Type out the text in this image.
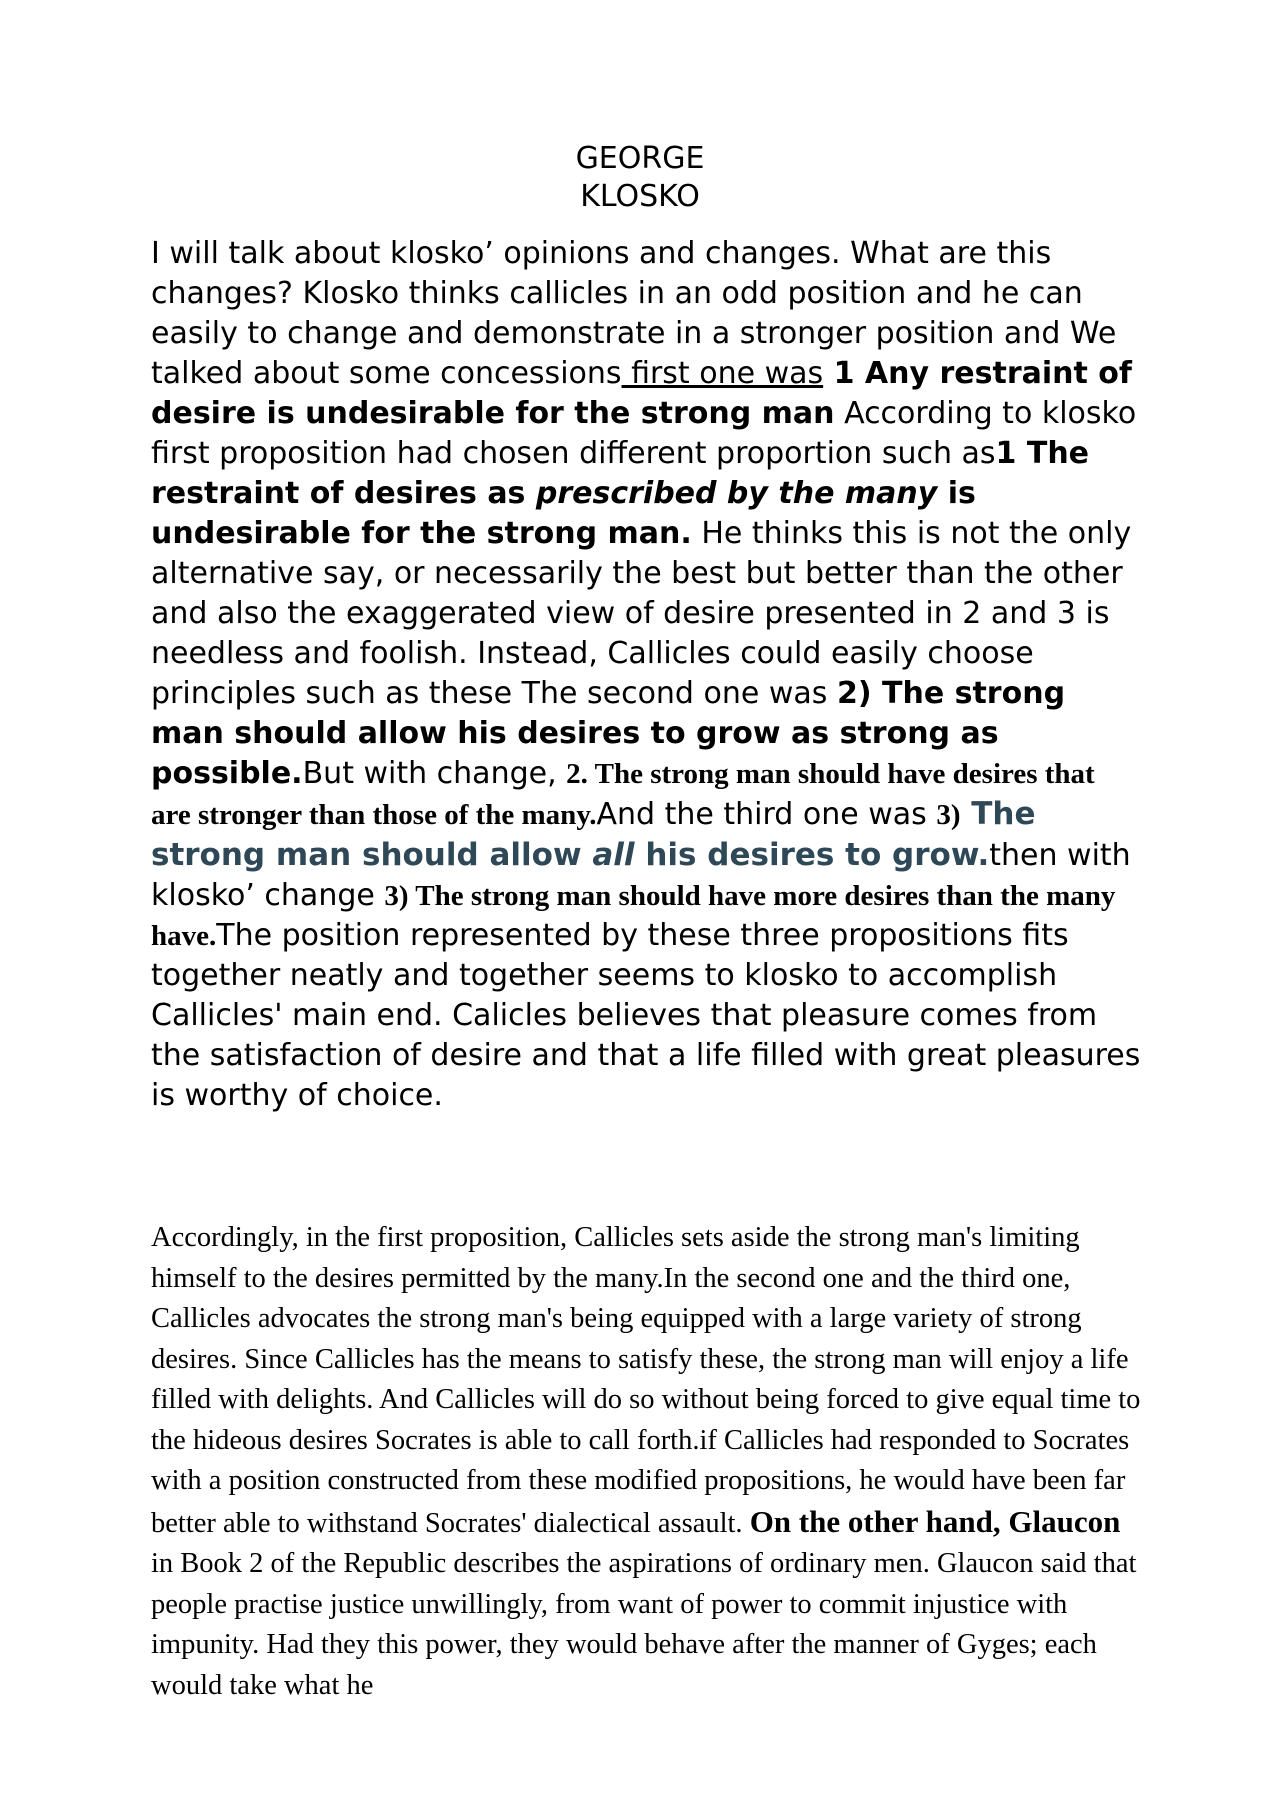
GEORGE
KLOSKO
I will talk about klosko’ opinions and changes. What are this changes? Klosko thinks callicles in an odd position and he can easily to change and demonstrate in a stronger position and We talked about some concessions first one was 1 Any restraint of desire is undesirable for the strong man According to klosko first proposition had chosen different proportion such as1 The restraint of desires as prescribed by the many is undesirable for the strong man. He thinks this is not the only alternative say, or necessarily the best but better than the other and also the exaggerated view of desire presented in 2 and 3 is needless and foolish. Instead, Callicles could easily choose principles such as these The second one was 2) The strong man should allow his desires to grow as strong as possible.But with change, 2. The strong man should have desires that are stronger than those of the many.And the third one was 3) The strong man should allow all his desires to grow.then with klosko’ change 3) The strong man should have more desires than the many have.The position represented by these three propositions fits together neatly and together seems to klosko to accomplish Callicles' main end. Calicles believes that pleasure comes from the satisfaction of desire and that a life filled with great pleasures is worthy of choice.
Accordingly, in the first proposition, Callicles sets aside the strong man's limiting himself to the desires permitted by the many.In the second one and the third one, Callicles advocates the strong man's being equipped with a large variety of strong desires. Since Callicles has the means to satisfy these, the strong man will enjoy a life filled with delights. And Callicles will do so without being forced to give equal time to the hideous desires Socrates is able to call forth.if Callicles had responded to Socrates with a position constructed from these modified propositions, he would have been far better able to withstand Socrates' dialectical assault. On the other hand, Glaucon in Book 2 of the Republic describes the aspirations of ordinary men. Glaucon said that people practise justice unwillingly, from want of power to commit injustice with impunity. Had they this power, they would behave after the manner of Gyges; each would take what he
